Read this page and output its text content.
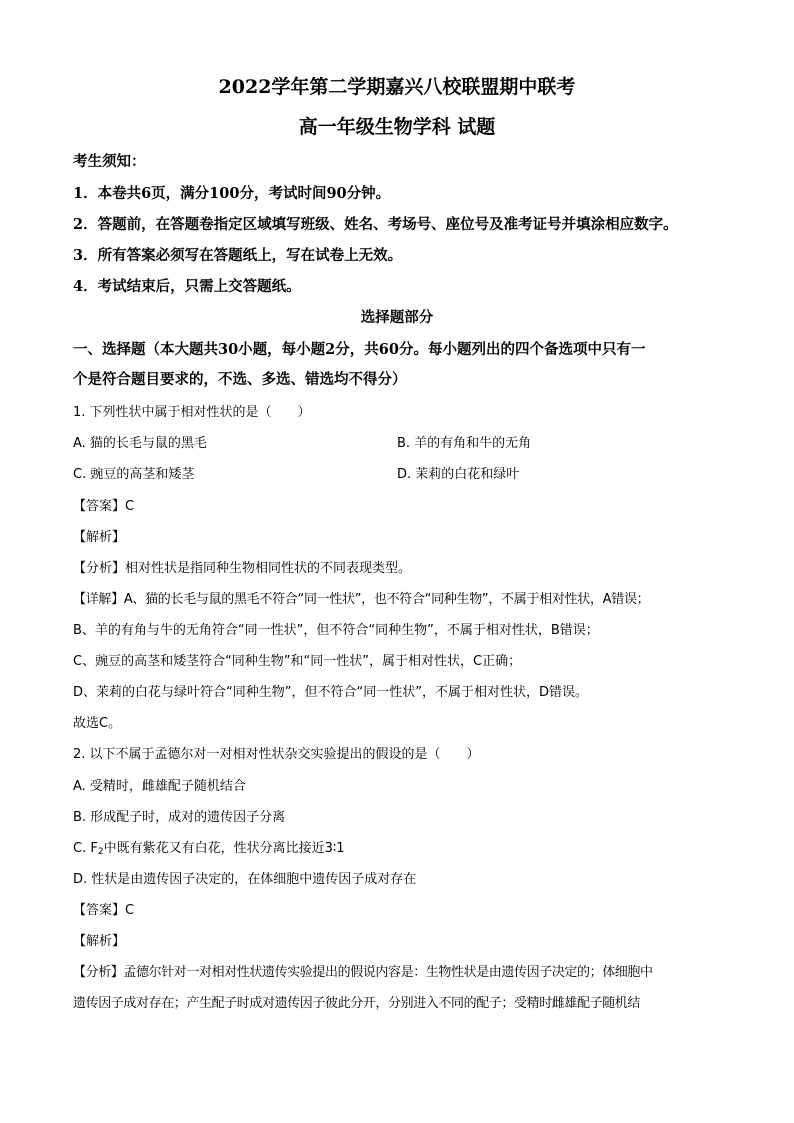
2022学年第二学期嘉兴八校联盟期中联考
高一年级生物学科 试题
考生须知：
1．本卷共6页，满分100分，考试时间90分钟。
2．答题前，在答题卷指定区域填写班级、姓名、考场号、座位号及准考证号并填涂相应数字。
3．所有答案必须写在答题纸上，写在试卷上无效。
4．考试结束后，只需上交答题纸。
选择题部分
一、选择题（本大题共30小题，每小题2分，共60分。每小题列出的四个备选项中只有一
个是符合题目要求的，不选、多选、错选均不得分）
1. 下列性状中属于相对性状的是（　　）
A. 猫的长毛与鼠的黑毛	B. 羊的有角和牛的无角
C. 豌豆的高茎和矮茎	D. 茉莉的白花和绿叶
【答案】C
【解析】
【分析】相对性状是指同种生物相同性状的不同表现类型。
【详解】A、猫的长毛与鼠的黑毛不符合“同一性状”，也不符合“同种生物”，不属于相对性状，A错误；
B、羊的有角与牛的无角符合“同一性状”，但不符合“同种生物”，不属于相对性状，B错误；
C、豌豆的高茎和矮茎符合“同种生物”和“同一性状”，属于相对性状，C正确；
D、茉莉的白花与绿叶符合“同种生物”，但不符合“同一性状”，不属于相对性状，D错误。
故选C。
2. 以下不属于孟德尔对一对相对性状杂交实验提出的假设的是（　　）
A. 受精时，雌雄配子随机结合
B. 形成配子时，成对的遗传因子分离
C. $F_2$中既有紫花又有白花，性状分离比接近3∶1
D. 性状是由遗传因子决定的，在体细胞中遗传因子成对存在
【答案】C
【解析】
【分析】孟德尔针对一对相对性状遗传实验提出的假说内容是：生物性状是由遗传因子决定的；体细胞中
遗传因子成对存在；产生配子时成对遗传因子彼此分开，分别进入不同的配子；受精时雌雄配子随机结
